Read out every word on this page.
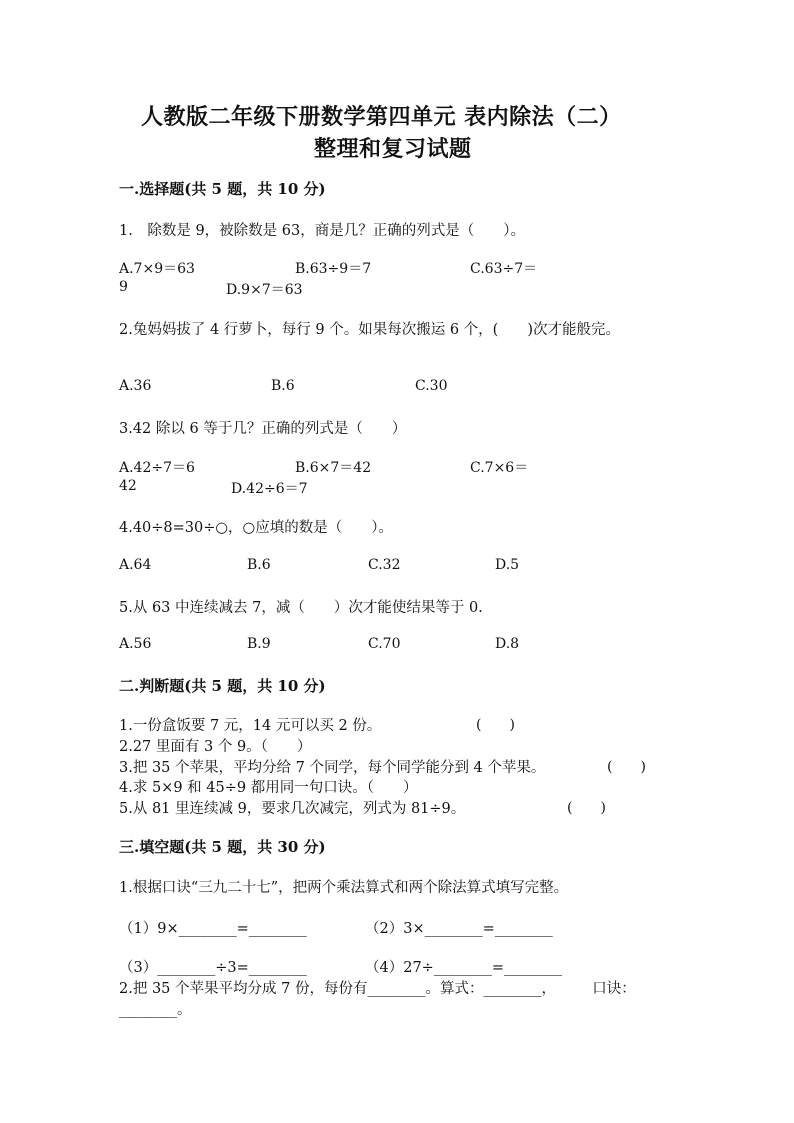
人教版二年级下册数学第四单元 表内除法（二）
整理和复习试题
一.选择题(共 5 题，共 10 分)
1.　除数是 9，被除数是 63，商是几？正确的列式是（　　）。
A.7×9＝63	B.63÷9＝7	C.63÷7＝
9	D.9×7＝63
2.兔妈妈拔了 4 行萝卜，每行 9 个。如果每次搬运 6 个，(　　)次才能般完。
A.36	B.6	C.30
3.42 除以 6 等于几？正确的列式是（　　）
A.42÷7＝6	B.6×7＝42	C.7×6＝
42	D.42÷6＝7
4.40÷8=30÷○，○应填的数是（　　）。
A.64	B.6	C.32	D.5
5.从 63 中连续减去 7，减（　　）次才能使结果等于 0.
A.56	B.9	C.70	D.8
二.判断题(共 5 题，共 10 分)
1.一份盒饭要 7 元，14 元可以买 2 份。	(　　)
2.27 里面有 3 个 9。（　　）
3.把 35 个苹果，平均分给 7 个同学，每个同学能分到 4 个苹果。	(　　)
4.求 5×9 和 45÷9 都用同一句口诀。（　　）
5.从 81 里连续减 9，要求几次减完，列式为 81÷9。	(　　)
三.填空题(共 5 题，共 30 分)
1.根据口诀“三九二十七”，把两个乘法算式和两个除法算式填写完整。
（1）9×________=________	（2）3×________=________
（3）________÷3=________	（4）27÷________=________
2.把 35 个苹果平均分成 7 份，每份有________。算式：________，　　　口诀：
________。
